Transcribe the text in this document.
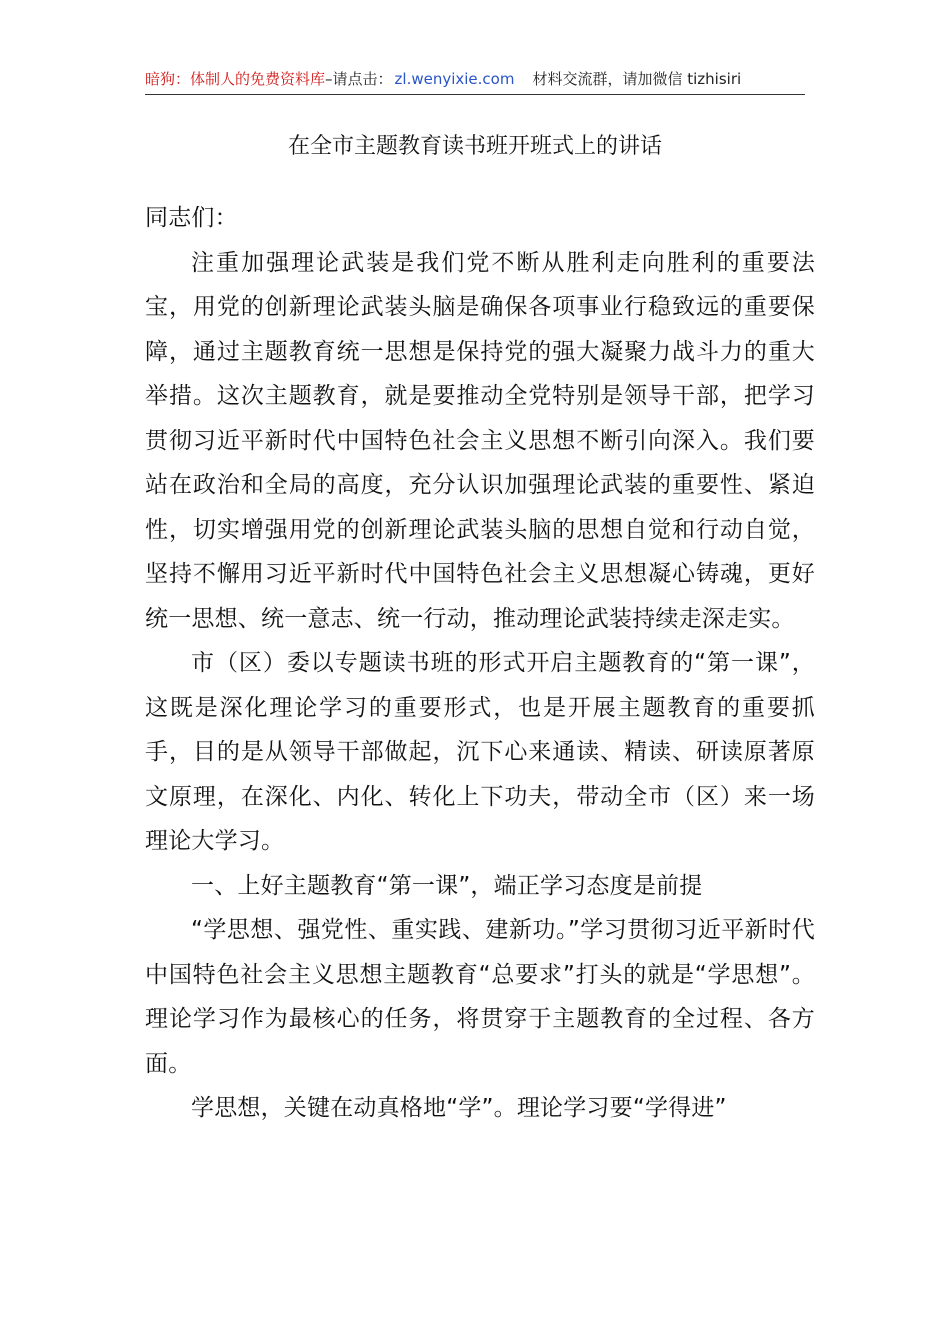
暗狗：体制人的免费资料库–请点击： zl.wenyixie.com 材料交流群，请加微信 tizhisiri
在全市主题教育读书班开班式上的讲话

同志们：

注重加强理论武装是我们党不断从胜利走向胜利的重要法宝，用党的创新理论武装头脑是确保各项事业行稳致远的重要保障，通过主题教育统一思想是保持党的强大凝聚力战斗力的重大举措。这次主题教育，就是要推动全党特别是领导干部，把学习贯彻习近平新时代中国特色社会主义思想不断引向深入。我们要站在政治和全局的高度，充分认识加强理论武装的重要性、紧迫性，切实增强用党的创新理论武装头脑的思想自觉和行动自觉，坚持不懈用习近平新时代中国特色社会主义思想凝心铸魂，更好统一思想、统一意志、统一行动，推动理论武装持续走深走实。

市（区）委以专题读书班的形式开启主题教育的“第一课”，这既是深化理论学习的重要形式，也是开展主题教育的重要抓手，目的是从领导干部做起，沉下心来通读、精读、研读原著原文原理，在深化、内化、转化上下功夫，带动全市（区）来一场理论大学习。

一、上好主题教育“第一课”，端正学习态度是前提

“学思想、强党性、重实践、建新功。”学习贯彻习近平新时代中国特色社会主义思想主题教育“总要求”打头的就是“学思想”。理论学习作为最核心的任务，将贯穿于主题教育的全过程、各方面。

学思想，关键在动真格地“学”。理论学习要“学得进”
